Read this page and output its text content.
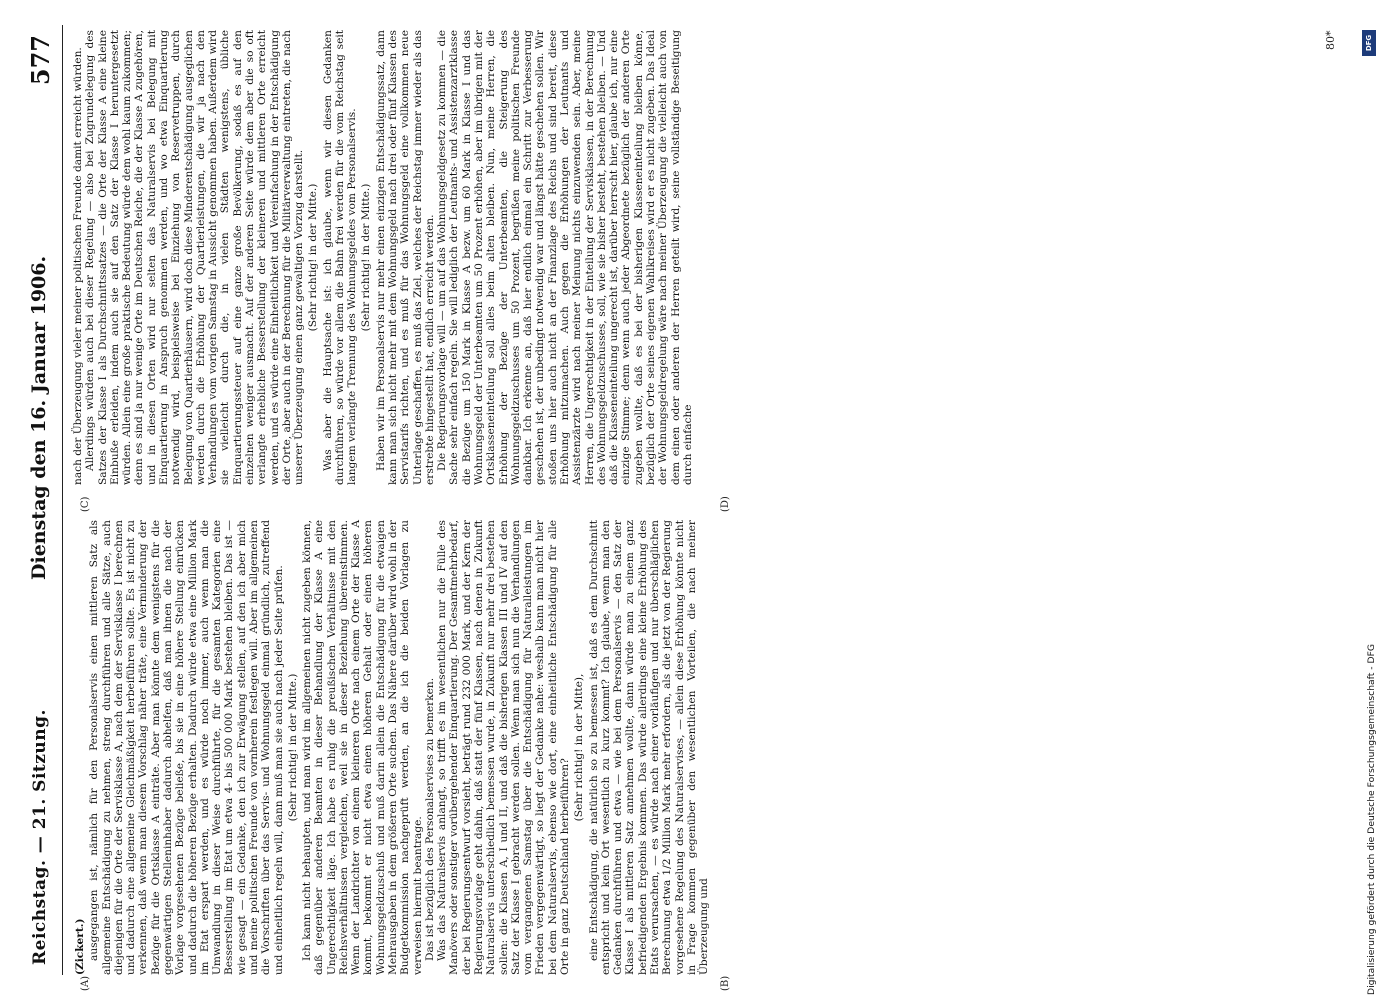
Reichstag. — 21. Sitzung.
Dienstag den 16. Januar 1906.
577

(Zickert.) ausgegangen ist, nämlich für den Personalservis einen mittleren Satz als allgemeine Entschädigung zu nehmen, streng durchführen und alle Sätze, auch diejenigen für die Orte der Servisklasse A, nach dem der Servisklasse I berechnen und dadurch eine allgemeine Gleichmäßigkeit herbeiführen sollte. Es ist nicht zu verkennen, daß wenn man diesem Vorschlag näher träte, eine Verminderung der Bezüge für die Ortsklasse A einträte. Aber man könnte dem wenigstens für die gegenwärtigen Stelleninhaber dadurch abhelfen, daß man ihnen die nach der Vorlage vorgesehenen Bezüge beließe, bis sie in eine höhere Stellung einrücken und dadurch die höheren Bezüge erhalten. Dadurch würde etwa eine Million Mark im Etat erspart werden, und es würde noch immer, auch wenn man die Umwandlung in dieser Weise durchführte, für die gesamten Kategorien eine Besserstellung im Etat um etwa 4- bis 500 000 Mark bestehen bleiben. Das ist — wie gesagt — ein Gedanke, den ich zur Erwägung stellen, auf den ich aber mich und meine politischen Freunde von vornherein festlegen will. Aber im allgemeinen die Vorschriften über das Servis- und Wohnungsgeld einmal gründlich, zutreffend und einheitlich regeln will, dann muß man sie auch nach jeder Seite prüfen. (Sehr richtig! in der Mitte.) Ich kann nicht behaupten, und man wird im allgemeinen nicht zugeben können, daß gegenüber anderen Beamten in dieser Behandlung der Klasse A eine Ungerechtigkeit läge. Ich habe es ruhig die preußischen Verhältnisse mit den Reichsverhältnissen vergleichen, weil sie in dieser Beziehung übereinstimmen. Wenn der Landrichter von einem kleineren Orte nach einem Orte der Klasse A kommt, bekommt er nicht etwa einen höheren Gehalt oder einen höheren Wohnungsgeldzuschuß und muß darin allein die Entschädigung für die etwaigen Mehrausgaben in dem größeren Orte suchen. Das Nähere darüber wird wohl in der Budgetkommission nachgeprüft werden, an die ich die beiden Vorlagen zu verweisen hiermit beantrage. Das ist bezüglich des Personalservises zu bemerken. Was das Naturalservis anlangt, so trifft es im wesentlichen nur die Fülle des Manövers oder sonstiger vorübergehender Einquartierung. Der Gesamtmehrbedarf, der bei Regierungsentwurf vorsieht, beträgt rund 232 000 Mark, und der Kern der Regierungsvorlage geht dahin, daß statt der fünf Klassen, nach denen in Zukunft Naturalservis unterschiedlich bemessen wurde, in Zukunft nur mehr drei bestehen sollen: die Klassen A, I und II, und daß die bisherigen Klassen III und IV auf den Satz der Klasse I gebracht werden sollen. Wenn man sich nun die Verhandlungen vom vergangenen Samstag über die Entschädigung für Naturalleistungen im Frieden vergegenwärtigt, so liegt der Gedanke nahe: weshalb kann man nicht hier bei dem Naturalservis, ebenso wie dort, eine einheitliche Entschädigung für alle Orte in ganz Deutschland herbeiführen?

(Sehr richtig! in der Mitte), eine Entschädigung, die natürlich so zu bemessen ist, daß es dem Durchschnitt entspricht und kein Ort wesentlich zu kurz kommt? Ich glaube, wenn man den Gedanken durchführen und etwa — wie bei dem Personalservis — den Satz der Klasse I als mittleren Satz annehmen wollte, dann würde man zu einem ganz befriedigenden Ergebnis kommen. Das würde allerdings eine kleine Erhöhung des Etats verursachen, — es würde nach einer vorläufigen und nur überschläglichen Berechnung etwa 1/2 Million Mark mehr erfordern, als die jetzt von der Regierung vorgesehene Regelung des Naturalservises, — allein diese Erhöhung könnte nicht in Frage kommen gegenüber den wesentlichen Vorteilen, die nach meiner Überzeugung und

nach der Überzeugung vieler meiner politischen Freunde damit erreicht würden. Allerdings würden auch bei dieser Regelung — also bei Zugrundelegung des Satzes der Klasse I als Durchschnittssatzes — die Orte der Klasse A eine kleine Einbuße erleiden, indem auch sie auf den Satz der Klasse I heruntergesetzt würden. Allein eine große praktische Bedeutung würde dem wohl kaum zukommen; denn es sind ja nur wenige Orte im Deutschen Reiche, die der Klasse A zugehören, und in diesen Orten wird nur selten das Naturalservis bei Belegung mit Einquartierung in Anspruch genommen werden, und wo etwa Einquartierung notwendig wird, beispielsweise bei Einziehung von Reservetruppen, durch Belegung von Quartierhäusern, wird doch diese Minderentschädigung ausgeglichen werden durch die Erhöhung der Quartierleistungen, die wir ja nach den Verhandlungen vom vorigen Samstag in Aussicht genommen haben. Außerdem wird sie vielleicht durch die, in vielen Städten wenigstens, übliche Einquartierungssteuer auf eine ganze große Bevölkerung, sodaß es auf den einzelnen weniger ausmacht. Auf der anderen Seite würde dem aber die so oft verlangte erhebliche Besserstellung der kleineren und mittleren Orte erreicht werden, und es würde eine Einheitlichkeit und Vereinfachung in der Entschädigung der Orte, aber auch in der Berechnung für die Militärverwaltung eintreten, die nach unserer Überzeugung einen ganz gewaltigen Vorzug darstellt. (Sehr richtig! in der Mitte.) Was aber die Hauptsache ist: ich glaube, wenn wir diesen Gedanken durchführen, so würde vor allem die Bahn frei werden für die vom Reichstag seit langem verlangte Trennung des Wohnungsgeldes vom Personalservis. (Sehr richtig! in der Mitte.) Haben wir im Personalservis nur mehr einen einzigen Entschädigungssatz, dann kann man sich nicht mehr mit dem Wohnungsgeld nach drei oder fünf Klassen des Servistarifs richten, und es muß für das Wohnungsgeld eine vollkommen neue Unterlage geschaffen, es muß das Ziel, welches der Reichstag immer wieder als das erstrebte hingestellt hat, endlich erreicht werden. Die Regierungsvorlage will — um auf das Wohnungsgeldgesetz zu kommen — die Sache sehr einfach regeln. Sie will lediglich der Leutnants- und Assistenzarztklasse die Bezüge um 150 Mark in Klasse A bezw. um 60 Mark in Klasse I und das Wohnungsgeld der Unterbeamten um 50 Prozent erhöhen, aber im übrigen mit der Ortsklasseneinteilung soll alles beim alten bleiben. Nun, meine Herren, die Erhöhung der Bezüge der Unterbeamten, die Steigerung des Wohnungsgeldzuschusses um 50 Prozent, begrüßen meine politischen Freunde dankbar. Ich erkenne an, daß hier endlich einmal ein Schritt zur Verbesserung geschehen ist, der unbedingt notwendig war und längst hätte geschehen sollen. Wir stoßen uns hier auch nicht an der Finanzlage des Reichs und sind bereit, diese Erhöhung mitzumachen. Auch gegen die Erhöhungen der Leutnants und Assistenzärzte wird nach meiner Meinung nichts einzuwenden sein. Aber, meine Herren, die Ungerechtigkeit in der Einteilung der Servisklassen, in der Berechnung des Wohnungsgeldzuschusses, soll, wie sie bisher besteht, bestehen bleiben. — Und daß die Klasseneinteilung ungerecht ist, darüber herrscht hier, glaube ich, nur eine einzige Stimme; denn wenn auch jeder Abgeordnete bezüglich der anderen Orte zugeben wollte, daß es bei der bisherigen Klasseneinteilung bleiben könne, bezüglich der Orte seines eigenen Wahlkreises wird er es nicht zugeben. Das Ideal der Wohnungsgeldregelung wäre nach meiner Überzeugung die vielleicht auch von dem einen oder anderen der Herren geteilt wird, seine vollständige Beseitigung durch einfache

(A)	(B)
(C)	(D)
80*	DFG
Digitalisierung gefördert durch die Deutsche Forschungsgemeinschaft - DFG
